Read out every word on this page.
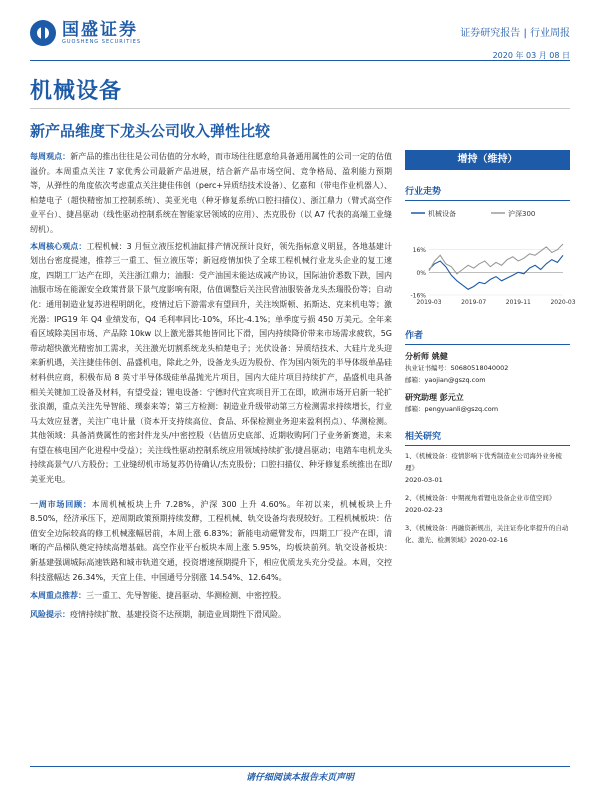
国盛证券
GUOSHENG SECURITIES
证券研究报告 | 行业周报
2020 年 03 月 08 日
机械设备
新产品维度下龙头公司收入弹性比较

每周观点：新产品的推出往往是公司估值的分水岭，而市场往往愿意给具备通用属性的公司一定的估值溢价。本周重点关注 7 家优秀公司最新产品进展，结合新产品市场空间、竞争格局、盈利能力预期等，从弹性的角度依次考虑重点关注捷佳伟创（perc+异质结技术设备）、亿嘉和（带电作业机器人）、柏楚电子（超快精密加工控制系统）、美亚光电（种牙修复系统\口腔扫描仪）、浙江鼎力（臂式高空作业平台）、捷昌驱动（线性驱动控制系统在智能家居领域的应用）、杰克股份（以 A7 代表的高端工业缝纫机）。

本周核心观点：工程机械：3 月恒立液压挖机油缸排产情况预计良好，领先指标意义明显，各地基建计划出台密度提速，推荐三一重工、恒立液压等；新冠疫情加快了全球工程机械行业龙头企业的复工速度，四期工厂达产在即，关注浙江鼎力；油服：受产油国未能达成减产协议，国际油价悉数下跌，国内油服市场在能源安全政策背景下景气度影响有限，估值调整后关注民营油服装备龙头杰瑞股份等；自动化：通用制造业复苏进程明朗化，疫情过后下游需求有望回升，关注埃斯顿、拓斯达、克来机电等；激光器：IPG19 年 Q4 业绩发布，Q4 毛利率同比-10%，环比-4.1%；单季度亏损 450 万美元。全年来看区域除美国市场、产品除 10kw 以上激光器其他皆同比下滑，国内持续降价带来市场需求疲软，5G 带动超快激光精密加工需求，关注激光切割系统龙头柏楚电子；光伏设备：异质结技术、大硅片龙头迎来新机遇，关注捷佳伟创、晶盛机电，除此之外，设备龙头迈为股份、作为国内领先的半导体级单晶硅材料供应商，积极布局 8 英寸半导体级硅单晶抛光片项目，国内大硅片项目持续扩产，晶盛机电具备相关关键加工设备及材料，有望受益；锂电设备：宁德时代宜宾项目开工在即，欧洲市场开启新一轮扩张浪潮，重点关注先导智能、璞泰来等；第三方检测：制造业升级带动第三方检测需求持续增长，行业马太效应显著，关注广电计量（资本开支持续高位、食品、环保检测业务迎来盈利拐点）、华测检测。其他领域：具备消费属性的密封件龙头/中密控股（估值历史底部、近期收购阿门子业务新赛道，未来有望在核电国产化进程中受益）；关注线性驱动控制系统应用领域持续扩张/捷昌驱动；电踏车电机龙头持续高景气/八方股份；工业缝纫机市场复苏仍待确认/杰克股份；口腔扫描仪、种牙修复系统推出在即/美亚光电。

一周市场回顾：本周机械板块上升 7.28%，沪深 300 上升 4.60%。年初以来，机械板块上升 8.50%，经济承压下，逆周期政策预期持续发酵，工程机械、轨交设备均表现较好。工程机械板块：估值安全边际较高的修工机械涨幅居前，本周上涨 6.83%；新能电动磁臂发布，四期工厂投产在即，清晰的产品梯队奠定持续高增基础。高空作业平台板块本周上涨 5.95%，均板块前列。轨交设备板块：新基建强调城际高速铁路和城市轨道交通，投资增速预期提升下，相应优质龙头充分受益。本周，交控科技涨幅达 26.34%，天宜上佳、中国通号分别涨 14.54%、12.64%。

本周重点推荐：三一重工、先导智能、捷昌驱动、华测检测、中密控股。

风险提示：疫情持续扩散、基建投资不达预期，制造业周期性下滑风险。

增持（维持）
行业走势
机械设备	沪深300
-16%
0%
16%
2019-03	2019-07	2019-11	2020-03
作者
分析师 姚健
执业证书编号：S0680518040002
邮箱：yaojian@gszq.com
研究助理 彭元立
邮箱：pengyuanli@gszq.com
相关研究
1、《机械设备：疫情影响下优秀制造业公司海外业务梳理》
2020-03-01
2、《机械设备：中期视角看锂电设备企业市值空间》
2020-02-23
3、《机械设备：再融资新规出，关注证券化率提升的自动化、激光、检测领域》2020-02-16
请仔细阅读本报告末页声明
